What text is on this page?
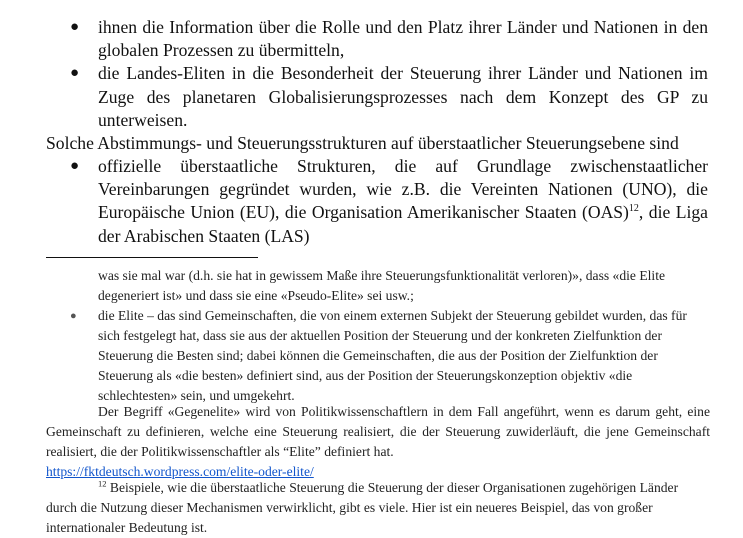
● ihnen die Information über die Rolle und den Platz ihrer Länder und Nationen in den globalen Prozessen zu übermitteln,
● die Landes-Eliten in die Besonderheit der Steuerung ihrer Länder und Nationen im Zuge des planetaren Globalisierungsprozesses nach dem Konzept des GP zu unterweisen.

Solche Abstimmungs- und Steuerungsstrukturen auf überstaatlicher Steuerungsebene sind

● offizielle überstaatliche Strukturen, die auf Grundlage zwischenstaatlicher Vereinbarungen gegründet wurden, wie z.B. die Vereinten Nationen (UNO), die Europäische Union (EU), die Organisation Amerikanischer Staaten (OAS)$^{12}$, die Liga der Arabischen Staaten (LAS)

was sie mal war (d.h. sie hat in gewissem Maße ihre Steuerungsfunktionalität verloren)», dass «die Elite degeneriert ist» und dass sie eine «Pseudo-Elite» sei usw.;

● die Elite – das sind Gemeinschaften, die von einem externen Subjekt der Steuerung gebildet wurden, das für sich festgelegt hat, dass sie aus der aktuellen Position der Steuerung und der konkreten Zielfunktion der Steuerung die Besten sind; dabei können die Gemeinschaften, die aus der Position der Zielfunktion der Steuerung als «die besten» definiert sind, aus der Position der Steuerungskonzeption objektiv «die schlechtesten» sein, und umgekehrt.

Der Begriff «Gegenelite» wird von Politikwissenschaftlern in dem Fall angeführt, wenn es darum geht, eine Gemeinschaft zu definieren, welche eine Steuerung realisiert, die der Steuerung zuwiderläuft, die jene Gemeinschaft realisiert, die der Politikwissenschaftler als “Elite” definiert hat.

https://fktdeutsch.wordpress.com/elite-oder-elite/

$^{12}$ Beispiele, wie die überstaatliche Steuerung die Steuerung der dieser Organisationen zugehörigen Länder durch die Nutzung dieser Mechanismen verwirklicht, gibt es viele. Hier ist ein neueres Beispiel, das von großer internationaler Bedeutung ist.
